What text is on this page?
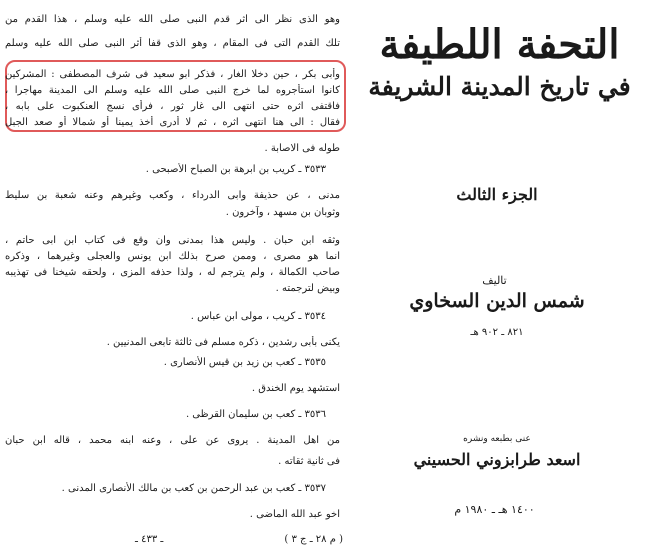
وهو الذى نظر الى اثر قدم النبى صلى الله عليه وسلم ، هذا القدم من
تلك القدم التى فى المقام ، وهو الذى قفا أثر النبى صلى الله عليه وسلم
وأبى بكر ، حين دخلا الغار ، فذكر ابو سعيد فى شرف المصطفى : المشركين
كانوا استأجروه لما خرج النبى صلى الله عليه وسلم الى المدينة مهاجرا ،
فاقتفى اثره حتى انتهى الى غار ثور ، فرأى نسج العنكبوت على بابه ،
فقال : الى هنا انتهى اثره ، ثم لا أدرى أخذ يمينا أو شمالا أو صعد الجبل
طوله فى الاصابة .
٣٥٣٣ ـ كريب بن ابرهة بن الصباح الأصبحى .
مدنى ، عن حذيفة وابى الدرداء ، وكعب وغيرهم وعنه شعبة بن سليط
وثوبان بن مسهد ، وآخرون .
وثقه ابن حبان . وليس هذا بمدنى وان وقع فى كتاب ابن ابى حاتم ،
انما هو مصرى ، وممن صرح بذلك ابن يونس والعجلى وغيرهما ، وذكره
صاحب الكمالة ، ولم يترجم له ، ولذا حذفه المزى ، ولحقه شيخنا فى تهذيبه
وبيض لترجمته .
٣٥٣٤ ـ كريب ، مولى ابن عباس .
يكنى بأبى رشدين ، ذكره مسلم فى ثالثة تابعى المدنيين .
٣٥٣٥ ـ كعب بن زيد بن قيس الأنصارى .
استشهد يوم الخندق .
٣٥٣٦ ـ كعب بن سليمان القرظى .
من اهل المدينة . يروى عن على ، وعنه ابنه محمد ، قاله ابن حبان
فى ثانية ثقاته .
٣٥٣٧ ـ كعب بن عبد الرحمن بن كعب بن مالك الأنصارى المدنى .
اخو عبد الله الماضى .
( م ٢٨ ـ ج ٣ )
ـ ٤٣٣ ـ
التحفة اللطيفة
في تاريخ المدينة الشريفة
الجزء الثالث
تاليف
شمس الدين السخاوي
٨٢١ ـ ٩٠٢ هـ
عنى بطبعه ونشره
اسعد طرابزوني الحسيني
١٤٠٠ هـ ـ ١٩٨٠ م
